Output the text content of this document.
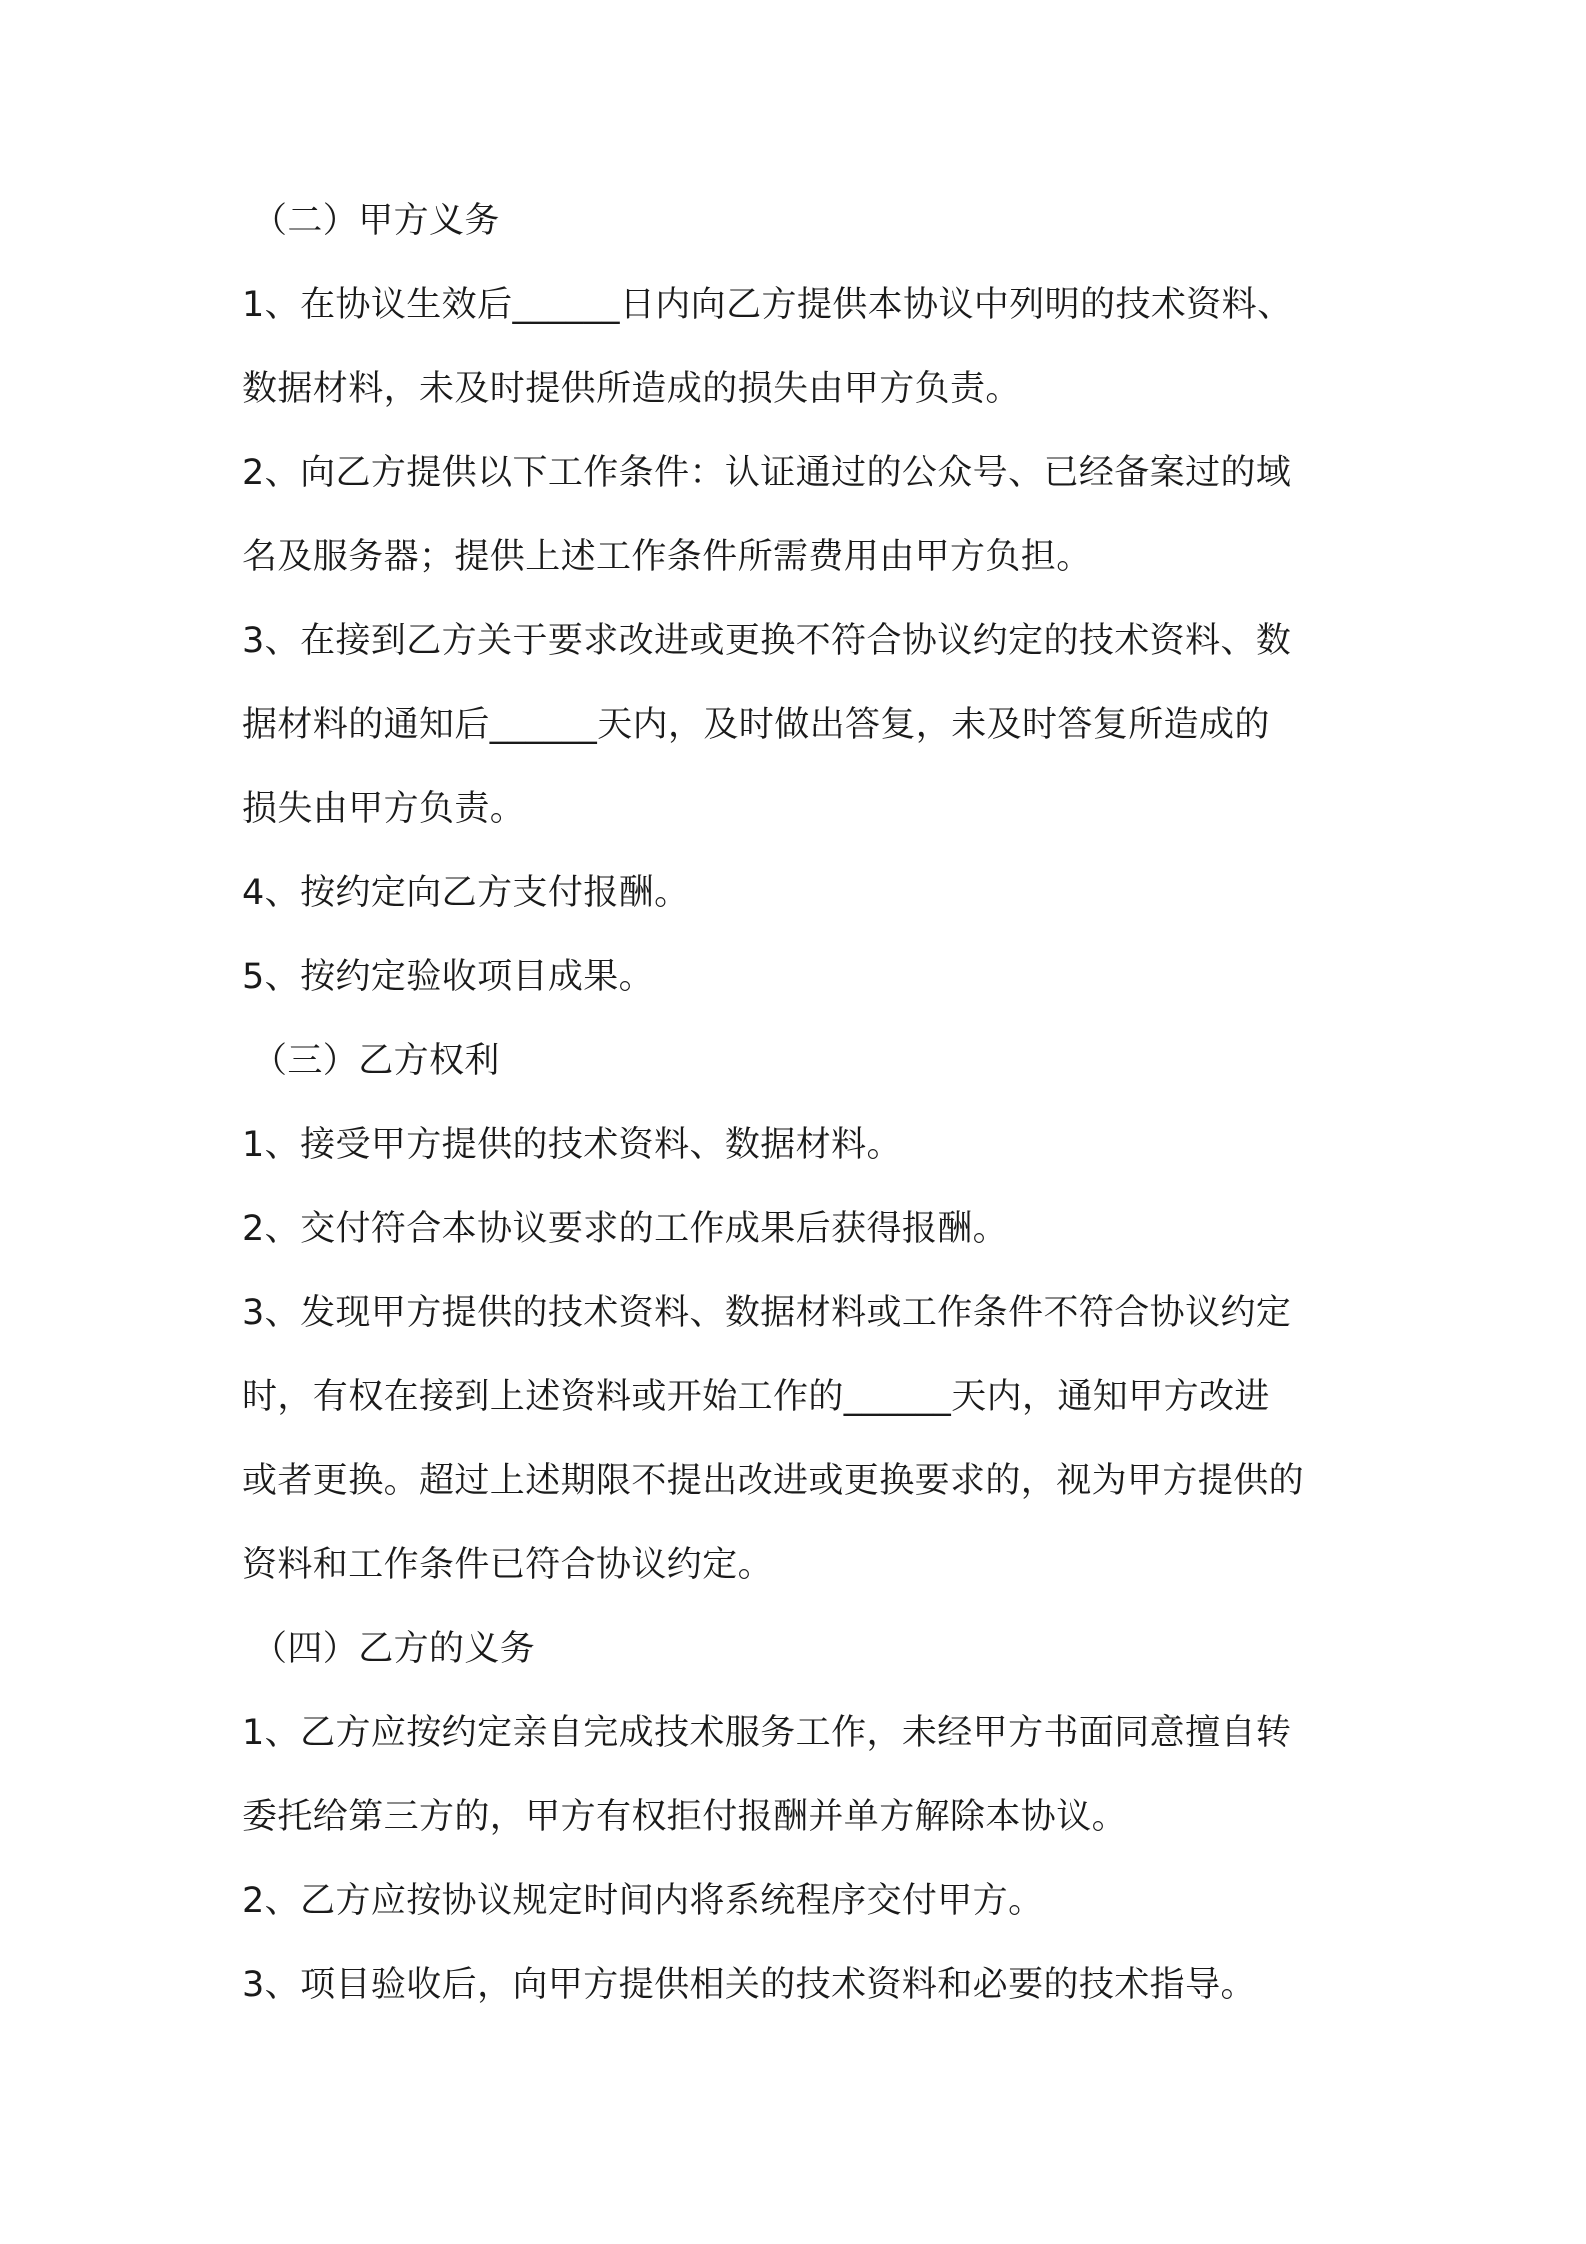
（二）甲方义务
1、在协议生效后______日内向乙方提供本协议中列明的技术资料、
数据材料，未及时提供所造成的损失由甲方负责。
2、向乙方提供以下工作条件：认证通过的公众号、已经备案过的域
名及服务器；提供上述工作条件所需费用由甲方负担。
3、在接到乙方关于要求改进或更换不符合协议约定的技术资料、数
据材料的通知后______天内，及时做出答复，未及时答复所造成的
损失由甲方负责。
4、按约定向乙方支付报酬。
5、按约定验收项目成果。
（三）乙方权利
1、接受甲方提供的技术资料、数据材料。
2、交付符合本协议要求的工作成果后获得报酬。
3、发现甲方提供的技术资料、数据材料或工作条件不符合协议约定
时，有权在接到上述资料或开始工作的______天内，通知甲方改进
或者更换。超过上述期限不提出改进或更换要求的，视为甲方提供的
资料和工作条件已符合协议约定。
（四）乙方的义务
1、乙方应按约定亲自完成技术服务工作，未经甲方书面同意擅自转
委托给第三方的，甲方有权拒付报酬并单方解除本协议。
2、乙方应按协议规定时间内将系统程序交付甲方。
3、项目验收后，向甲方提供相关的技术资料和必要的技术指导。
